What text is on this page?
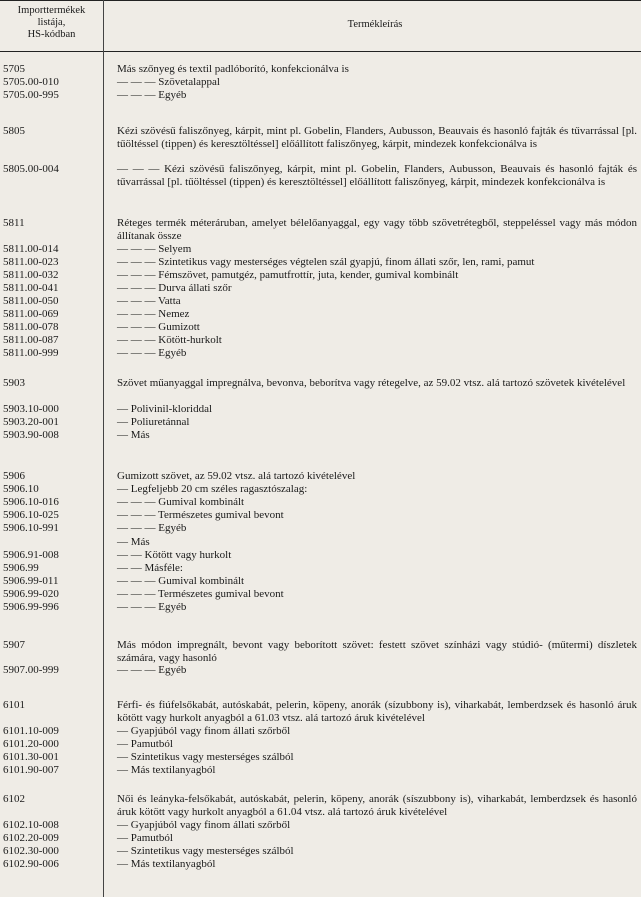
Importtermékek
listája,
HS-kódban
Termékleírás
5705	Más szőnyeg és textil padlóborító, konfekcionálva is
5705.00-010	— — — Szövetalappal
5705.00-995	— — — Egyéb
5805	Kézi szövésű faliszőnyeg, kárpit, mint pl. Gobelin, Flanders, Aubusson, Beauvais és hasonló fajták és tűvarrással [pl. tűöltéssel (tippen) és keresztöltéssel] előállított faliszőnyeg, kárpit, mindezek konfekcionálva is
5805.00-004	— — — Kézi szövésű faliszőnyeg, kárpit, mint pl. Gobelin, Flanders, Aubusson, Beauvais és hasonló fajták és tűvarrással [pl. tűöltéssel (tippen) és keresztöltéssel] előállított faliszőnyeg, kárpit, mindezek konfekcionálva is
5811	Réteges termék méteráruban, amelyet bélelőanyaggal, egy vagy több szövetrétegből, steppeléssel vagy más módon állítanak össze
5811.00-014	— — — Selyem
5811.00-023	— — — Szintetikus vagy mesterséges végtelen szál gyapjú, finom állati szőr, len, rami, pamut
5811.00-032	— — — Fémszövet, pamutgéz, pamutfrottír, juta, kender, gumival kombinált
5811.00-041	— — — Durva állati szőr
5811.00-050	— — — Vatta
5811.00-069	— — — Nemez
5811.00-078	— — — Gumizott
5811.00-087	— — — Kötött-hurkolt
5811.00-999	— — — Egyéb
5903	Szövet műanyaggal impregnálva, bevonva, beborítva vagy rétegelve, az 59.02 vtsz. alá tartozó szövetek kivételével
5903.10-000	— Polivinil-kloriddal
5903.20-001	— Poliuretánnal
5903.90-008	— Más
5906	Gumizott szövet, az 59.02 vtsz. alá tartozó kivételével
5906.10	— Legfeljebb 20 cm széles ragasztószalag:
5906.10-016	— — — Gumival kombinált
5906.10-025	— — — Természetes gumival bevont
5906.10-991	— — — Egyéb
— Más
5906.91-008	— — Kötött vagy hurkolt
5906.99	— — Másféle:
5906.99-011	— — — Gumival kombinált
5906.99-020	— — — Természetes gumival bevont
5906.99-996	— — — Egyéb
5907	Más módon impregnált, bevont vagy beborított szövet: festett szövet színházi vagy stúdió- (műtermi) díszletek számára, vagy hasonló
5907.00-999	— — — Egyéb
6101	Férfi- és fiúfelsőkabát, autóskabát, pelerin, köpeny, anorák (sízubbony is), viharkabát, lemberdzsek és hasonló áruk kötött vagy hurkolt anyagból a 61.03 vtsz. alá tartozó áruk kivételével
6101.10-009	— Gyapjúból vagy finom állati szőrből
6101.20-000	— Pamutból
6101.30-001	— Szintetikus vagy mesterséges szálból
6101.90-007	— Más textilanyagból
6102	Női és leányka-felsőkabát, autóskabát, pelerin, köpeny, anorák (síszubbony is), viharkabát, lemberdzsek és hasonló áruk kötött vagy hurkolt anyagból a 61.04 vtsz. alá tartozó áruk kivételével
6102.10-008	— Gyapjúból vagy finom állati szőrből
6102.20-009	— Pamutból
6102.30-000	— Szintetikus vagy mesterséges szálból
6102.90-006	— Más textilanyagból
